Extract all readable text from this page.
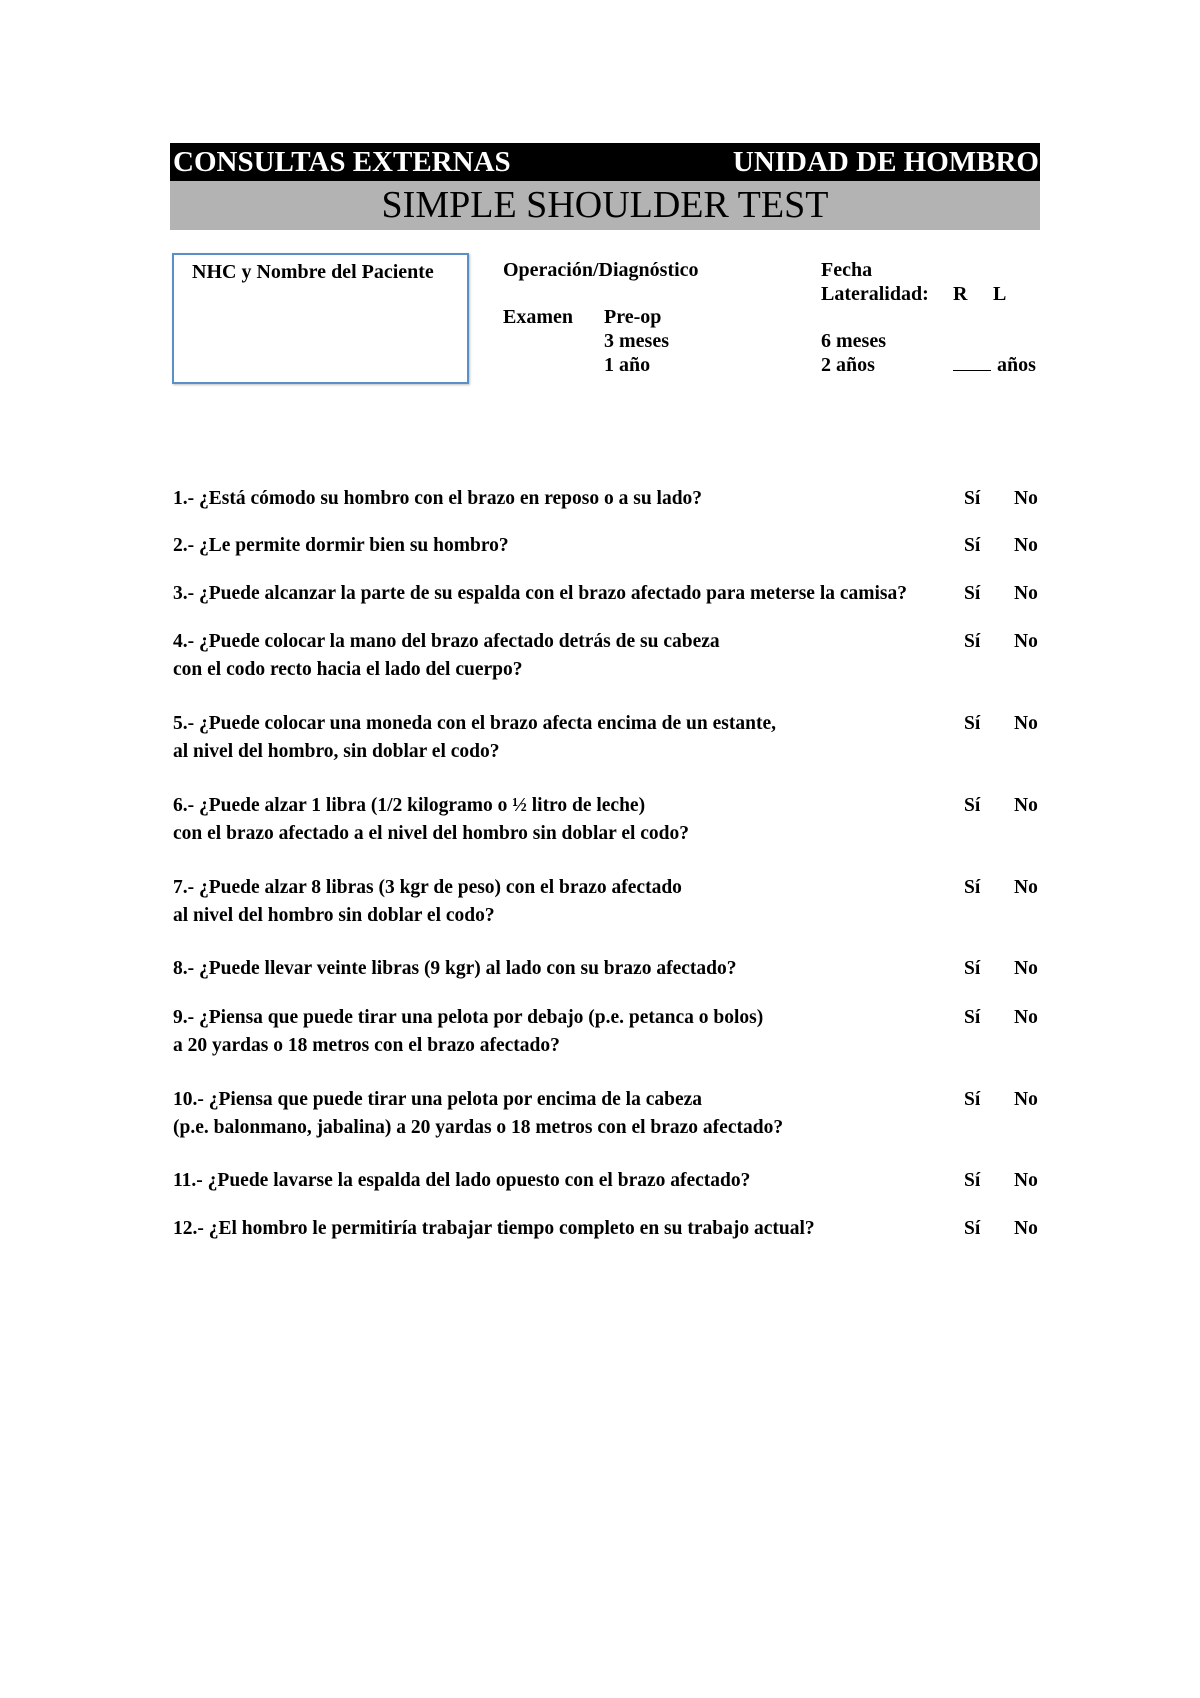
CONSULTAS EXTERNAS	UNIDAD DE HOMBRO
SIMPLE SHOULDER TEST
NHC y Nombre del Paciente	Operación/Diagnóstico	Fecha
Lateralidad: R L
Examen Pre-op
3 meses	6 meses
1 año	2 años	años
1.- ¿Está cómodo su hombro con el brazo en reposo o a su lado?	Sí No
2.- ¿Le permite dormir bien su hombro?	Sí No
3.- ¿Puede alcanzar la parte de su espalda con el brazo afectado para meterse la camisa?	Sí No
4.- ¿Puede colocar la mano del brazo afectado detrás de su cabeza
con el codo recto hacia el lado del cuerpo?
Sí No
5.- ¿Puede colocar una moneda con el brazo afecta encima de un estante,
al nivel del hombro, sin doblar el codo?
Sí No
6.- ¿Puede alzar 1 libra (1/2 kilogramo o ½ litro de leche)
con el brazo afectado a el nivel del hombro sin doblar el codo?
Sí No
7.- ¿Puede alzar 8 libras (3 kgr de peso) con el brazo afectado
al nivel del hombro sin doblar el codo?
Sí No
8.- ¿Puede llevar veinte libras (9 kgr) al lado con su brazo afectado?	Sí No
9.- ¿Piensa que puede tirar una pelota por debajo (p.e. petanca o bolos)
a 20 yardas o 18 metros con el brazo afectado?
Sí No
10.- ¿Piensa que puede tirar una pelota por encima de la cabeza
(p.e. balonmano, jabalina) a 20 yardas o 18 metros con el brazo afectado?
Sí No
11.- ¿Puede lavarse la espalda del lado opuesto con el brazo afectado?	Sí No
12.- ¿El hombro le permitiría trabajar tiempo completo en su trabajo actual?	Sí No
